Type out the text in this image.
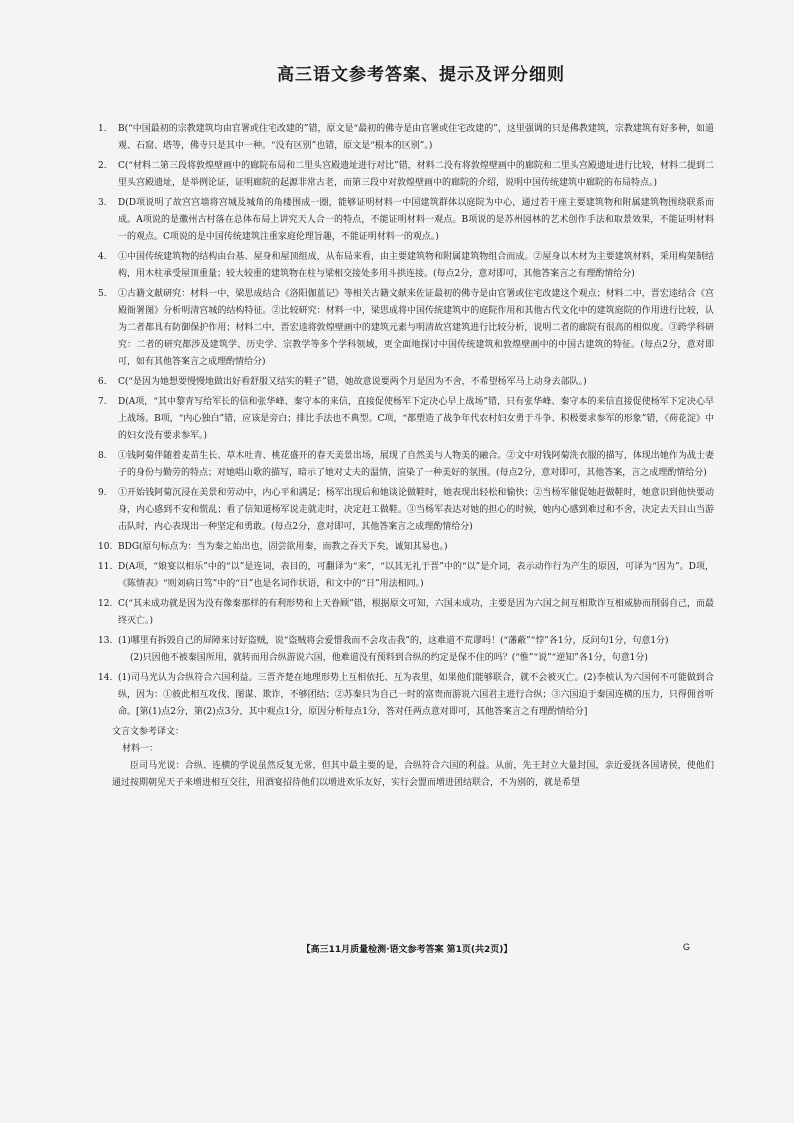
高三语文参考答案、提示及评分细则
1.	B(“中国最初的宗教建筑均由官署或住宅改建的”错，原文是“最初的佛寺是由官署或住宅改建的”，这里强调的只是佛教建筑，宗教建筑有好多种，如道观、石窟、塔等，佛寺只是其中一种。“没有区别”也错，原文是“根本的区别”。)
2.	C(“材料二第三段将敦煌壁画中的廊院布局和二里头宫殿遗址进行对比”错，材料二没有将敦煌壁画中的廊院和二里头宫殿遗址进行比较，材料二提到二里头宫殿遗址，是举例论证，证明廊院的起源非常古老，而第三段中对敦煌壁画中的廊院的介绍，说明中国传统建筑中廊院的布局特点。)
3.	D(D项说明了故宫宫墙将宫城及城角的角楼围成一圈，能够证明材料一中国建筑群体以庭院为中心，通过若干座主要建筑物和附属建筑物围绕联系而成。A项说的是徽州古村落在总体布局上讲究天人合一的特点，不能证明材料一观点。B项说的是苏州园林的艺术创作手法和取景效果，不能证明材料一的观点。C项说的是中国传统建筑注重家庭伦理旨趣，不能证明材料一的观点。)
4.	①中国传统建筑物的结构由台基、屋身和屋顶组成，从布局来看，由主要建筑物和附属建筑物组合而成。②屋身以木材为主要建筑材料，采用构架制结构，用木柱承受屋顶重量；较大较重的建筑物在柱与梁相交接处多用斗拱连接。(每点2分，意对即可，其他答案言之有理酌情给分)
5.	①古籍文献研究：材料一中，梁思成结合《洛阳伽蓝记》等相关古籍文献来佐证最初的佛寺是由官署或住宅改建这个观点；材料二中，晋宏逵结合《宫殿衙署图》分析明清宫城的结构特征。②比较研究：材料一中，梁思成将中国传统建筑中的庭院作用和其他古代文化中的建筑庭院的作用进行比较，认为二者都具有防御保护作用；材料二中，晋宏逵将敦煌壁画中的建筑元素与明清故宫建筑进行比较分析，说明二者的廊院有很高的相似度。③跨学科研究：二者的研究都涉及建筑学、历史学、宗教学等多个学科领域，更全面地探讨中国传统建筑和敦煌壁画中的中国古建筑的特征。(每点2分，意对即可，如有其他答案言之成理酌情给分)
6.	C(“是因为她想要慢慢地做出好看舒服又结实的鞋子”错，她故意说要两个月是因为不舍，不希望杨军马上动身去部队。)
7.	D(A项，“其中黎青写给军长的信和张华峰、秦守本的来信，直接促使杨军下定决心早上战场”错，只有张华峰、秦守本的来信直接促使杨军下定决心早上战场。B项，“内心独白”错，应该是旁白；排比手法也不典型。C项，“都塑造了战争年代农村妇女勇于斗争、积极要求参军的形象”错，《荷花淀》中的妇女没有要求参军。)
8.	①钱阿菊伴随着麦苗生长、草木吐青、桃花盛开的春天美景出场，展现了自然美与人物美的融合。②文中对钱阿菊洗衣服的描写，体现出她作为战士妻子的身份与勤劳的特点；对她唱山歌的描写，暗示了她对丈夫的温情，渲染了一种美好的氛围。(每点2分，意对即可，其他答案，言之成理酌情给分)
9.	①开始钱阿菊沉浸在美景和劳动中，内心平和满足；杨军出现后和她谈论做鞋时，她表现出轻松和愉快；②当杨军催促她赶做鞋时，她意识到他快要动身，内心感到不安和慌乱；看了信知道杨军说走就走时，决定赶工做鞋。③当杨军表达对她的担心的时候，她内心感到难过和不舍，决定去天目山当游击队时，内心表现出一种坚定和勇敢。(每点2分，意对即可，其他答案言之成理酌情给分)
10. BDG(原句标点为：当为秦之始出也，固尝欲用秦，而教之吞天下矣，诚知其易也。)
11. D(A项，“娘宴以相乐”中的“以”是连词，表目的，可翻译为“来”，“以其无礼于晋”中的“以”是介词，表示动作行为产生的原因，可译为“因为”。D项，《陈情表》“则刘病日笃”中的“日”也是名词作状语，和文中的“日”用法相同。)
12. C(“其未成功就是因为没有像秦那样的有利形势和上天眷顾”错，根据原文可知，六国未成功，主要是因为六国之间互相欺诈互相威胁而削弱自己，而最终灭亡。)
13. (1)哪里有拆毁自己的屏障来讨好盗贼，说“盗贼将会爱惜我而不会攻击我”的，这难道不荒谬吗！(“藩蔽”“悖”各1分，反问句1分，句意1分)
(2)只因他不被秦国所用，就转而用合纵游说六国，他难道没有预料到合纵的约定是保不住的吗？(“惟”“说”“逆知”各1分，句意1分)
14. (1)司马光认为合纵符合六国利益。三晋齐楚在地理形势上互相依托、互为表里，如果他们能够联合，就不会被灭亡。(2)李桢认为六国何不可能做到合纵，因为：①彼此相互攻伐、图谋、欺诈，不够团结；②苏秦只为自己一时的富贵而游说六国君主进行合纵；③六国迫于秦国连横的压力，只得佣首听命。[第(1)点2分，第(2)点3分，其中观点1分，原因分析每点1分，答对任两点意对即可，其他答案言之有理酌情给分]
文言文参考译文：
材料一：
臣司马光说：合纵、连横的学说虽然反复无常，但其中最主要的是，合纵符合六国的利益。从前，先王封立大量封国，亲近爱抚各国诸侯，使他们通过按期朝见天子来增进相互交往，用酒宴招待他们以增进欢乐友好，实行会盟而增进团结联合，不为别的，就是希望
【高三11月质量检测·语文参考答案 第1页(共2页)】	G
